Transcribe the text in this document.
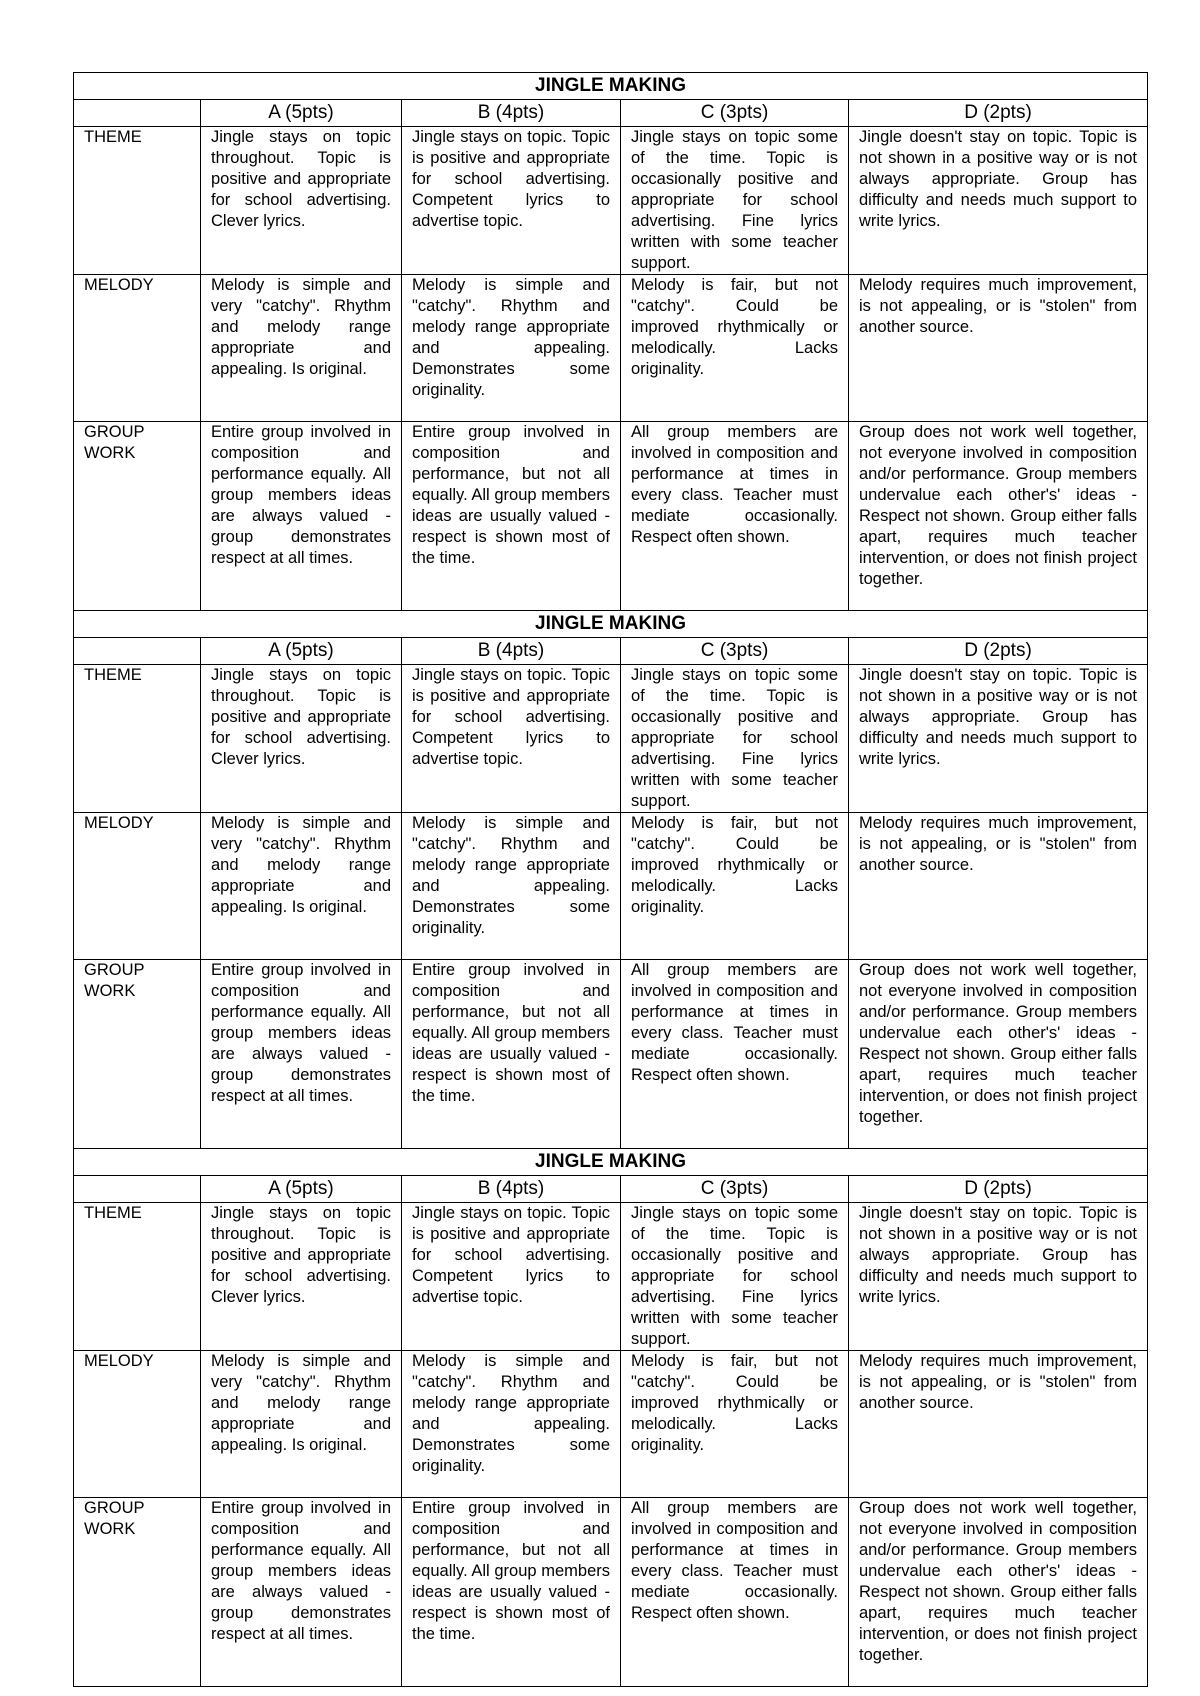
JINGLE MAKING				
	A (5pts)	B (4pts)	C (3pts)	D (2pts)
THEME	Jingle stays on topic throughout. Topic is positive and appropriate for school advertising. Clever lyrics.	Jingle stays on topic. Topic is positive and appropriate for school advertising. Competent lyrics to advertise topic.	Jingle stays on topic some of the time. Topic is occasionally positive and appropriate for school advertising. Fine lyrics written with some teacher support.	Jingle doesn't stay on topic. Topic is not shown in a positive way or is not always appropriate. Group has difficulty and needs much support to write lyrics.
MELODY	Melody is simple and very "catchy". Rhythm and melody range appropriate and appealing. Is original.	Melody is simple and "catchy". Rhythm and melody range appropriate and appealing. Demonstrates some originality.	Melody is fair, but not "catchy". Could be improved rhythmically or melodically. Lacks originality.	Melody requires much improvement, is not appealing, or is "stolen" from another source.
GROUP WORK	Entire group involved in composition and performance equally. All group members ideas are always valued - group demonstrates respect at all times.	Entire group involved in composition and performance, but not all equally. All group members ideas are usually valued - respect is shown most of the time.	All group members are involved in composition and performance at times in every class. Teacher must mediate occasionally. Respect often shown.	Group does not work well together, not everyone involved in composition and/or performance. Group members undervalue each other's' ideas - Respect not shown. Group either falls apart, requires much teacher intervention, or does not finish project together.
JINGLE MAKING				
	A (5pts)	B (4pts)	C (3pts)	D (2pts)
THEME	Jingle stays on topic throughout. Topic is positive and appropriate for school advertising. Clever lyrics.	Jingle stays on topic. Topic is positive and appropriate for school advertising. Competent lyrics to advertise topic.	Jingle stays on topic some of the time. Topic is occasionally positive and appropriate for school advertising. Fine lyrics written with some teacher support.	Jingle doesn't stay on topic. Topic is not shown in a positive way or is not always appropriate. Group has difficulty and needs much support to write lyrics.
MELODY	Melody is simple and very "catchy". Rhythm and melody range appropriate and appealing. Is original.	Melody is simple and "catchy". Rhythm and melody range appropriate and appealing. Demonstrates some originality.	Melody is fair, but not "catchy". Could be improved rhythmically or melodically. Lacks originality.	Melody requires much improvement, is not appealing, or is "stolen" from another source.
GROUP WORK	Entire group involved in composition and performance equally. All group members ideas are always valued - group demonstrates respect at all times.	Entire group involved in composition and performance, but not all equally. All group members ideas are usually valued - respect is shown most of the time.	All group members are involved in composition and performance at times in every class. Teacher must mediate occasionally. Respect often shown.	Group does not work well together, not everyone involved in composition and/or performance. Group members undervalue each other's' ideas - Respect not shown. Group either falls apart, requires much teacher intervention, or does not finish project together.
JINGLE MAKING				
	A (5pts)	B (4pts)	C (3pts)	D (2pts)
THEME	Jingle stays on topic throughout. Topic is positive and appropriate for school advertising. Clever lyrics.	Jingle stays on topic. Topic is positive and appropriate for school advertising. Competent lyrics to advertise topic.	Jingle stays on topic some of the time. Topic is occasionally positive and appropriate for school advertising. Fine lyrics written with some teacher support.	Jingle doesn't stay on topic. Topic is not shown in a positive way or is not always appropriate. Group has difficulty and needs much support to write lyrics.
MELODY	Melody is simple and very "catchy". Rhythm and melody range appropriate and appealing. Is original.	Melody is simple and "catchy". Rhythm and melody range appropriate and appealing. Demonstrates some originality.	Melody is fair, but not "catchy". Could be improved rhythmically or melodically. Lacks originality.	Melody requires much improvement, is not appealing, or is "stolen" from another source.
GROUP WORK	Entire group involved in composition and performance equally. All group members ideas are always valued - group demonstrates respect at all times.	Entire group involved in composition and performance, but not all equally. All group members ideas are usually valued - respect is shown most of the time.	All group members are involved in composition and performance at times in every class. Teacher must mediate occasionally. Respect often shown.	Group does not work well together, not everyone involved in composition and/or performance. Group members undervalue each other's' ideas - Respect not shown. Group either falls apart, requires much teacher intervention, or does not finish project together.
